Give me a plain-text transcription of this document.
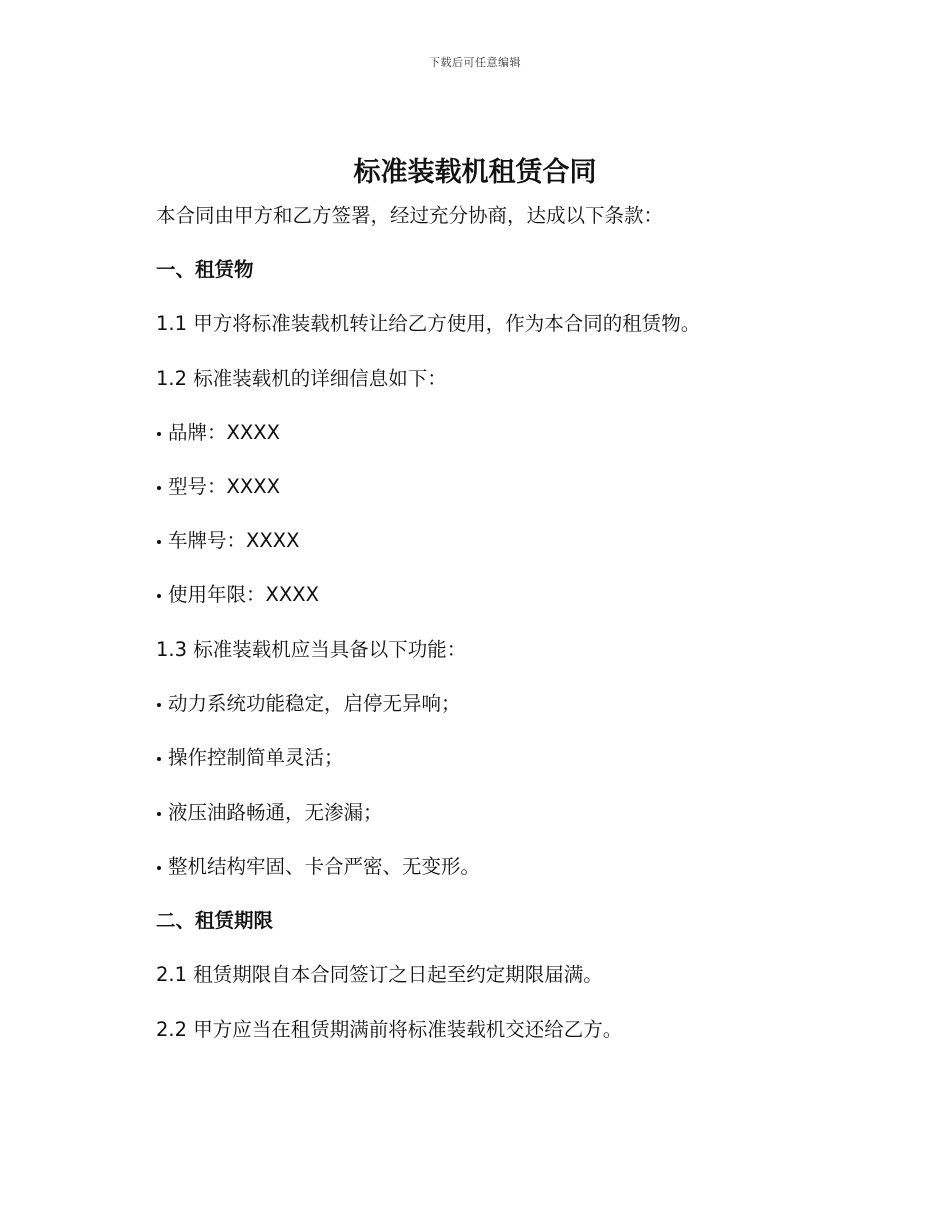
下载后可任意编辑
标准装载机租赁合同
本合同由甲方和乙方签署，经过充分协商，达成以下条款：
一、租赁物
1.1 甲方将标准装载机转让给乙方使用，作为本合同的租赁物。
1.2 标准装载机的详细信息如下：
品牌：XXXX
型号：XXXX
车牌号：XXXX
使用年限：XXXX
1.3 标准装载机应当具备以下功能：
动力系统功能稳定，启停无异响；
操作控制简单灵活；
液压油路畅通，无渗漏；
整机结构牢固、卡合严密、无变形。
二、租赁期限
2.1 租赁期限自本合同签订之日起至约定期限届满。
2.2 甲方应当在租赁期满前将标准装载机交还给乙方。
